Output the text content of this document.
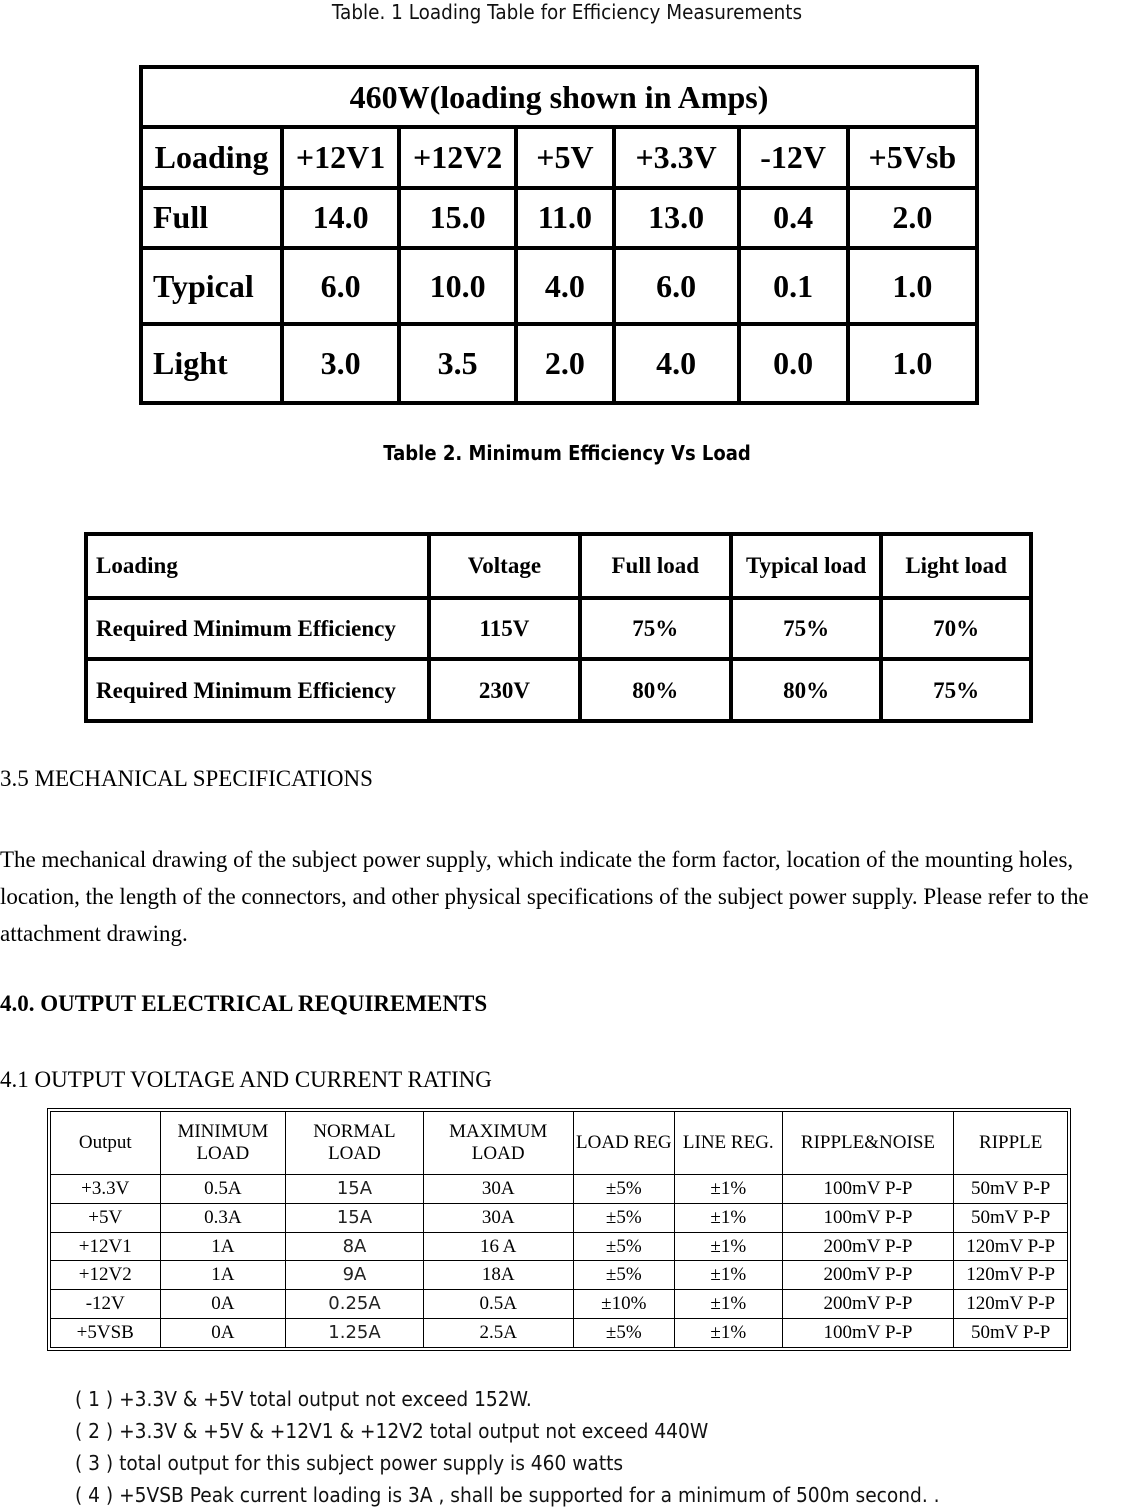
Table. 1 Loading Table for Efficiency Measurements
460W(loading shown in Amps)						
Loading	+12V1	+12V2	+5V	+3.3V	-12V	+5Vsb
Full	14.0	15.0	11.0	13.0	0.4	2.0
Typical	6.0	10.0	4.0	6.0	0.1	1.0
Light	3.0	3.5	2.0	4.0	0.0	1.0
Table 2. Minimum Efficiency Vs Load
Loading	Voltage	Full load	Typical load	Light load
Required Minimum Efficiency	115V	75%	75%	70%
Required Minimum Efficiency	230V	80%	80%	75%

3.5 MECHANICAL SPECIFICATIONS

The mechanical drawing of the subject power supply, which indicate the form factor, location of the mounting holes, location, the length of the connectors, and other physical specifications of the subject power supply. Please refer to the attachment drawing.

4.0. OUTPUT ELECTRICAL REQUIREMENTS

4.1 OUTPUT VOLTAGE AND CURRENT RATING

Output	MINIMUM LOAD	NORMAL LOAD	MAXIMUM LOAD	LOAD REG	LINE REG.	RIPPLE&NOISE	RIPPLE
+3.3V	0.5A	15A	30A	±5%	±1%	100mV P-P	50mV P-P
+5V	0.3A	15A	30A	±5%	±1%	100mV P-P	50mV P-P
+12V1	1A	8A	16 A	±5%	±1%	200mV P-P	120mV P-P
+12V2	1A	9A	18A	±5%	±1%	200mV P-P	120mV P-P
-12V	0A	0.25A	0.5A	±10%	±1%	200mV P-P	120mV P-P
+5VSB	0A	1.25A	2.5A	±5%	±1%	100mV P-P	50mV P-P
( 1 ) +3.3V & +5V total output not exceed 152W.
( 2 ) +3.3V & +5V & +12V1 & +12V2 total output not exceed 440W
( 3 ) total output for this subject power supply is 460 watts
( 4 ) +5VSB Peak current loading is 3A , shall be supported for a minimum of 500m second. .
